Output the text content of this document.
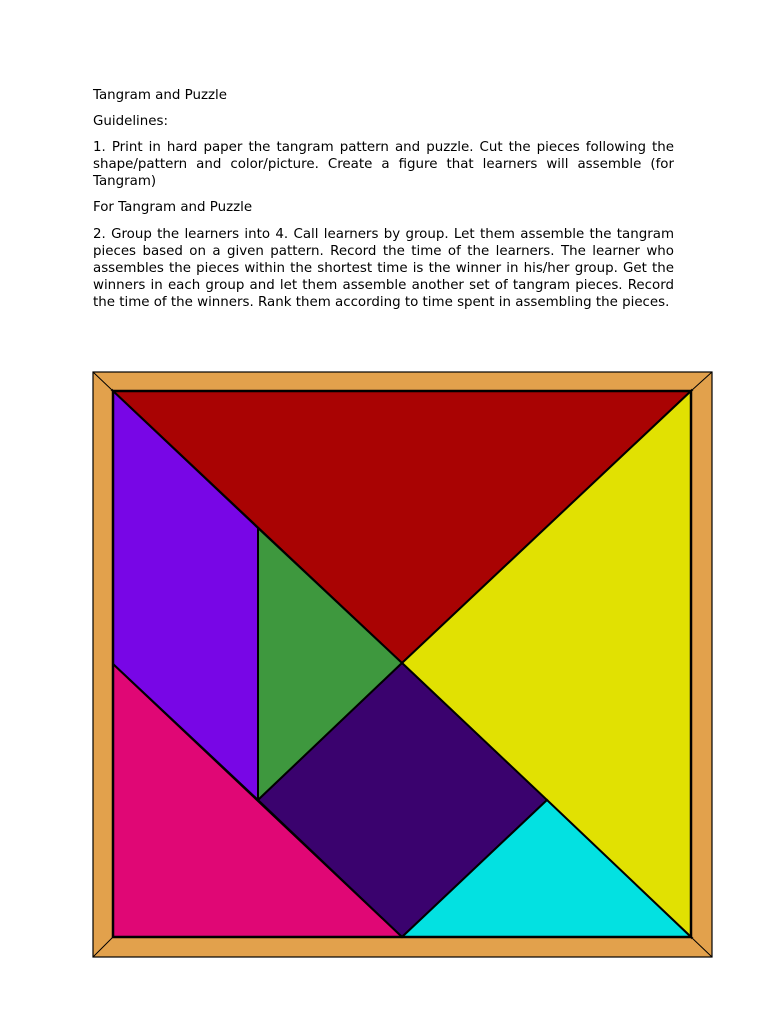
Tangram and Puzzle

Guidelines:

1. Print in hard paper the tangram pattern and puzzle. Cut the pieces following the shape/pattern and color/picture. Create a figure that learners will assemble (for Tangram)

For Tangram and Puzzle

2. Group the learners into 4. Call learners by group. Let them assemble the tangram pieces based on a given pattern. Record the time of the learners. The learner who assembles the pieces within the shortest time is the winner in his/her group. Get the winners in each group and let them assemble another set of tangram pieces. Record the time of the winners. Rank them according to time spent in assembling the pieces.
